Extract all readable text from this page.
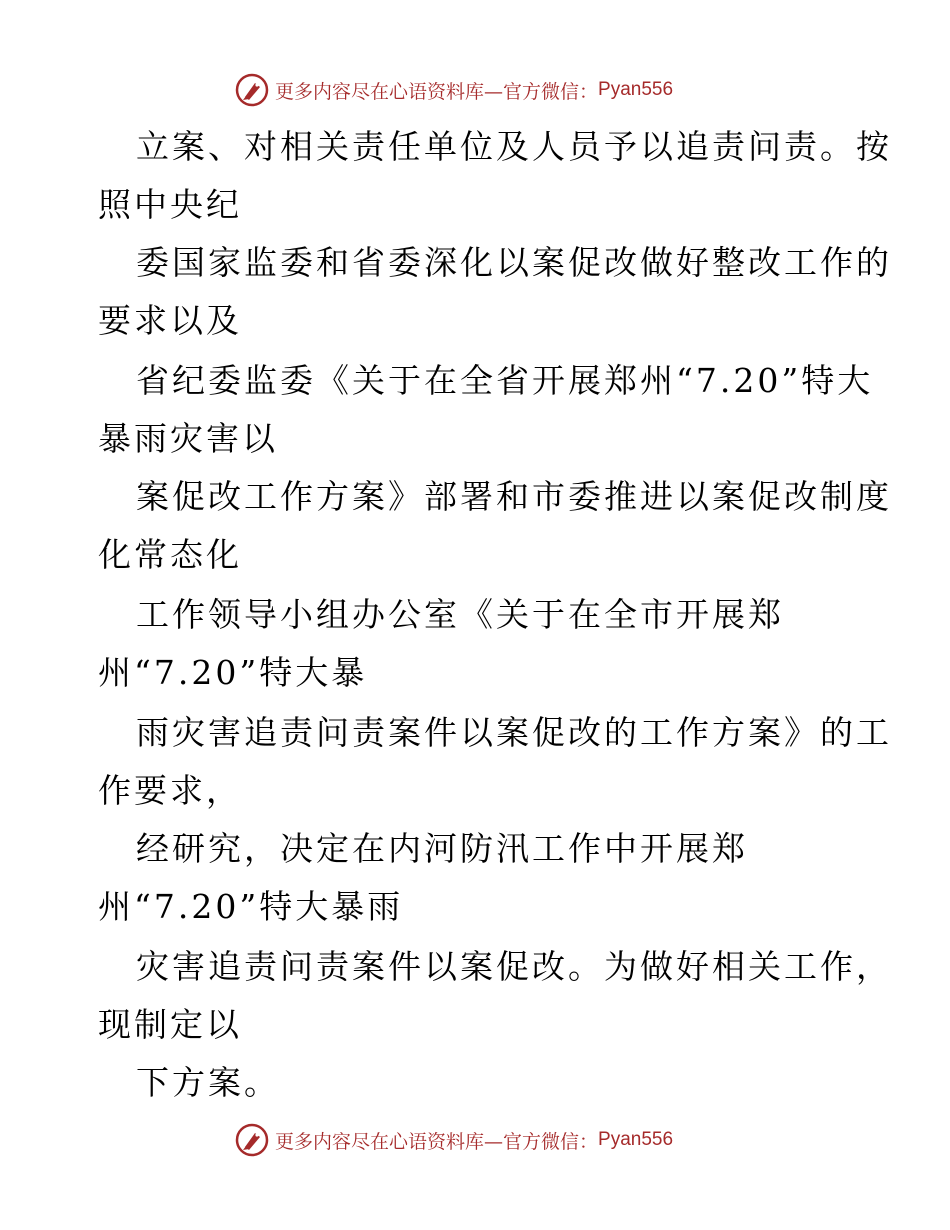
更多内容尽在心语资料库 —官方微信： Pyan556
立案、对相关责任单位及人员予以追责问责。按
照中央纪
委国家监委和省委深化以案促改做好整改工作的
要求以及
省纪委监委《关于在全省开展郑州“7.20”特大
暴雨灾害以
案促改工作方案》部署和市委推进以案促改制度
化常态化
工作领导小组办公室《关于在全市开展郑
州“7.20”特大暴
雨灾害追责问责案件以案促改的工作方案》的工
作要求，
经研究，决定在内河防汛工作中开展郑
州“7.20”特大暴雨
灾害追责问责案件以案促改。为做好相关工作，
现制定以
下方案。
更多内容尽在心语资料库 —官方微信： Pyan556
